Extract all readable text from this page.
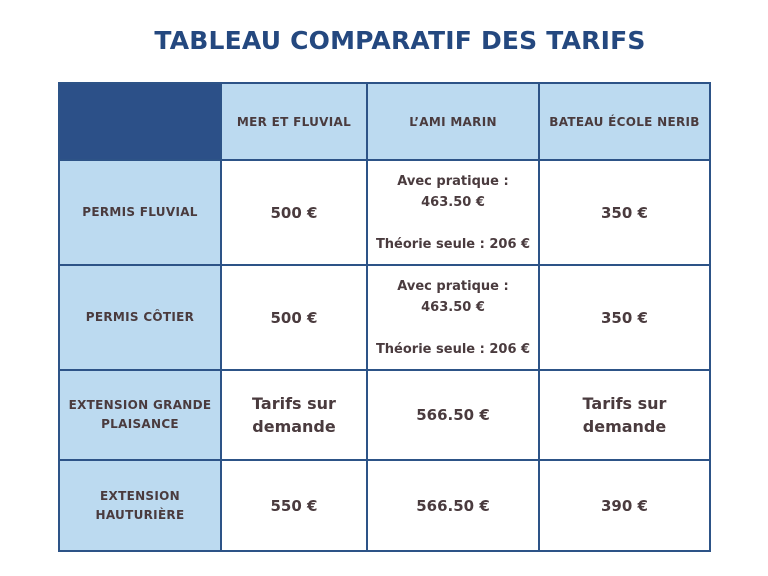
TABLEAU COMPARATIF DES TARIFS
	MER ET FLUVIAL	L’AMI MARIN	BATEAU ÉCOLE NERIB
PERMIS FLUVIAL	500 €	Avec pratique :
463.50 €
Théorie seule : 206 €	350 €
PERMIS CÔTIER	500 €	Avec pratique :
463.50 €
Théorie seule : 206 €	350 €
EXTENSION GRANDE
PLAISANCE	Tarifs sur
demande	566.50 €	Tarifs sur
demande
EXTENSION
HAUTURIÈRE	550 €	566.50 €	390 €
